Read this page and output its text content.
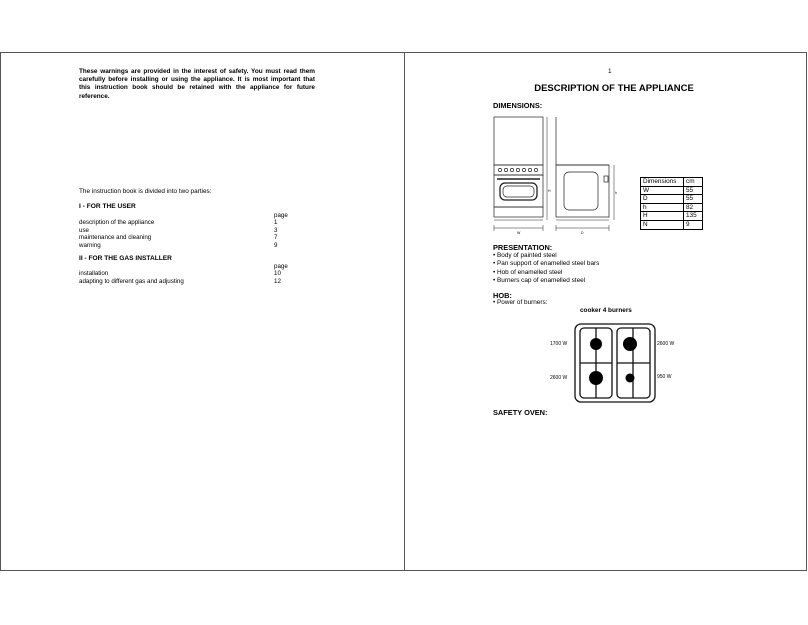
These warnings are provided in the interest of safety. You must read them carefully before installing or using the appliance. It is most important that this instruction book should be retained with the appliance for future reference.
The instruction book is divided into two parties:
I - FOR THE USER
page
description of the appliance	1
use	3
maintenance and cleaning	7
warning	9
II - FOR THE GAS INSTALLER
page
installation	10
adapting to different gas and adjusting	12
1
DESCRIPTION OF THE APPLIANCE
DIMENSIONS:
W	D
H	h
Dimensions	cm
W	55
D	55
h	82
H	135
N	9
PRESENTATION:
• Body of painted steel
• Pan support of enamelled steel bars
• Hob of enamelled steel
• Burners cap of enamelled steel
HOB:
• Power of burners:
cooker 4 burners
1700 W	2600 W
2600 W	950 W
SAFETY OVEN:
